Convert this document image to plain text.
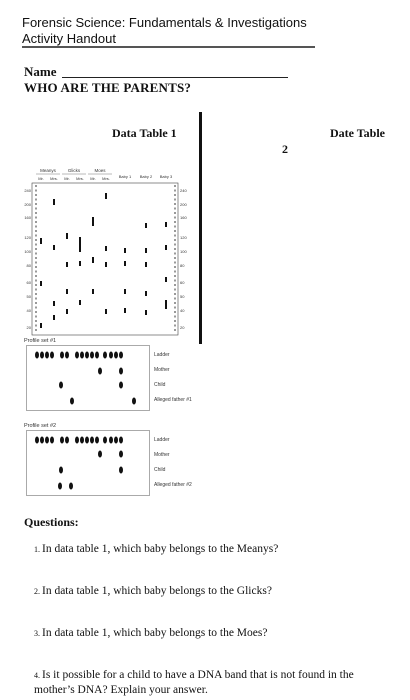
Forensic Science: Fundamentals & Investigations
Activity Handout
Name
WHO ARE THE PARENTS?
Data Table 1	Date Table
2
Meanys	Glicks	Moes
Mr. Mrs. Mr. Mrs. Mr. Mrs. Baby 1 Baby 2 Baby 3
240
200
160
120
100
80
60
50
40
20
240
200
160
120
100
80
60
50
40
20
Profile set #1
Ladder
Mother
Child
Alleged father #1
Profile set #2
Ladder
Mother
Child
Alleged father #2
Questions:
1. In data table 1, which baby belongs to the Meanys?
2. In data table 1, which baby belongs to the Glicks?
3. In data table 1, which baby belongs to the Moes?
4. Is it possible for a child to have a DNA band that is not found in the mother’s DNA? Explain your answer.
